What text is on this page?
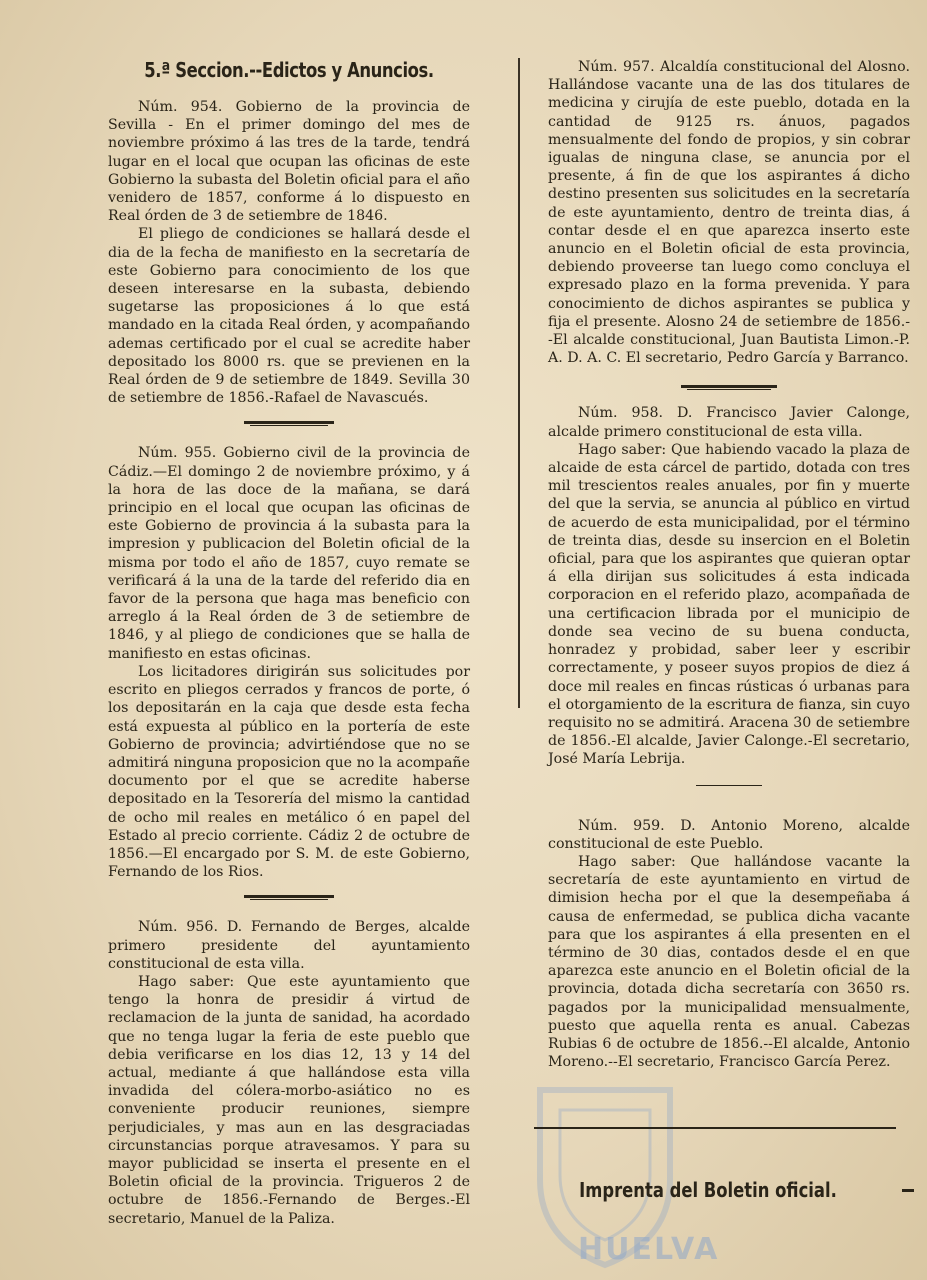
5.ª Seccion.--Edictos y Anuncios.

Núm. 954. Gobierno de la provincia de Sevilla - En el primer domingo del mes de noviembre próximo á las tres de la tarde, tendrá lugar en el local que ocupan las oficinas de este Gobierno la subasta del Boletin oficial para el año venidero de 1857, conforme á lo dispuesto en Real órden de 3 de setiembre de 1846.

El pliego de condiciones se hallará desde el dia de la fecha de manifiesto en la secretaría de este Gobierno para conocimiento de los que deseen interesarse en la subasta, debiendo sugetarse las proposiciones á lo que está mandado en la citada Real órden, y acompañando ademas certificado por el cual se acredite haber depositado los 8000 rs. que se previenen en la Real órden de 9 de setiembre de 1849. Sevilla 30 de setiembre de 1856.-Rafael de Navascués.

Núm. 955. Gobierno civil de la provincia de Cádiz.—El domingo 2 de noviembre próximo, y á la hora de las doce de la mañana, se dará principio en el local que ocupan las oficinas de este Gobierno de provincia á la subasta para la impresion y publicacion del Boletin oficial de la misma por todo el año de 1857, cuyo remate se verificará á la una de la tarde del referido dia en favor de la persona que haga mas beneficio con arreglo á la Real órden de 3 de setiembre de 1846, y al pliego de condiciones que se halla de manifiesto en estas oficinas.

Los licitadores dirigirán sus solicitudes por escrito en pliegos cerrados y francos de porte, ó los depositarán en la caja que desde esta fecha está expuesta al público en la portería de este Gobierno de provincia; advirtiéndose que no se admitirá ninguna proposicion que no la acompañe documento por el que se acredite haberse depositado en la Tesorería del mismo la cantidad de ocho mil reales en metálico ó en papel del Estado al precio corriente. Cádiz 2 de octubre de 1856.—El encargado por S. M. de este Gobierno, Fernando de los Rios.

Núm. 956. D. Fernando de Berges, alcalde primero presidente del ayuntamiento constitucional de esta villa.

Hago saber: Que este ayuntamiento que tengo la honra de presidir á virtud de reclamacion de la junta de sanidad, ha acordado que no tenga lugar la feria de este pueblo que debia verificarse en los dias 12, 13 y 14 del actual, mediante á que hallándose esta villa invadida del cólera-morbo-asiático no es conveniente producir reuniones, siempre perjudiciales, y mas aun en las desgraciadas circunstancias porque atravesamos. Y para su mayor publicidad se inserta el presente en el Boletin oficial de la provincia. Trigueros 2 de octubre de 1856.-Fernando de Berges.-El secretario, Manuel de la Paliza.

Núm. 957. Alcaldía constitucional del Alosno. Hallándose vacante una de las dos titulares de medicina y cirujía de este pueblo, dotada en la cantidad de 9125 rs. ánuos, pagados mensualmente del fondo de propios, y sin cobrar igualas de ninguna clase, se anuncia por el presente, á fin de que los aspirantes á dicho destino presenten sus solicitudes en la secretaría de este ayuntamiento, dentro de treinta dias, á contar desde el en que aparezca inserto este anuncio en el Boletin oficial de esta provincia, debiendo proveerse tan luego como concluya el expresado plazo en la forma prevenida. Y para conocimiento de dichos aspirantes se publica y fija el presente. Alosno 24 de setiembre de 1856.--El alcalde constitucional, Juan Bautista Limon.-P. A. D. A. C. El secretario, Pedro García y Barranco.

Núm. 958. D. Francisco Javier Calonge, alcalde primero constitucional de esta villa.

Hago saber: Que habiendo vacado la plaza de alcaide de esta cárcel de partido, dotada con tres mil trescientos reales anuales, por fin y muerte del que la servia, se anuncia al público en virtud de acuerdo de esta municipalidad, por el término de treinta dias, desde su insercion en el Boletin oficial, para que los aspirantes que quieran optar á ella dirijan sus solicitudes á esta indicada corporacion en el referido plazo, acompañada de una certificacion librada por el municipio de donde sea vecino de su buena conducta, honradez y probidad, saber leer y escribir correctamente, y poseer suyos propios de diez á doce mil reales en fincas rústicas ó urbanas para el otorgamiento de la escritura de fianza, sin cuyo requisito no se admitirá. Aracena 30 de setiembre de 1856.-El alcalde, Javier Calonge.-El secretario, José María Lebrija.

Núm. 959. D. Antonio Moreno, alcalde constitucional de este Pueblo.

Hago saber: Que hallándose vacante la secretaría de este ayuntamiento en virtud de dimision hecha por el que la desempeñaba á causa de enfermedad, se publica dicha vacante para que los aspirantes á ella presenten en el término de 30 dias, contados desde el en que aparezca este anuncio en el Boletin oficial de la provincia, dotada dicha secretaría con 3650 rs. pagados por la municipalidad mensualmente, puesto que aquella renta es anual. Cabezas Rubias 6 de octubre de 1856.--El alcalde, Antonio Moreno.--El secretario, Francisco García Perez.

HUELVA
Imprenta del Boletin oficial.
